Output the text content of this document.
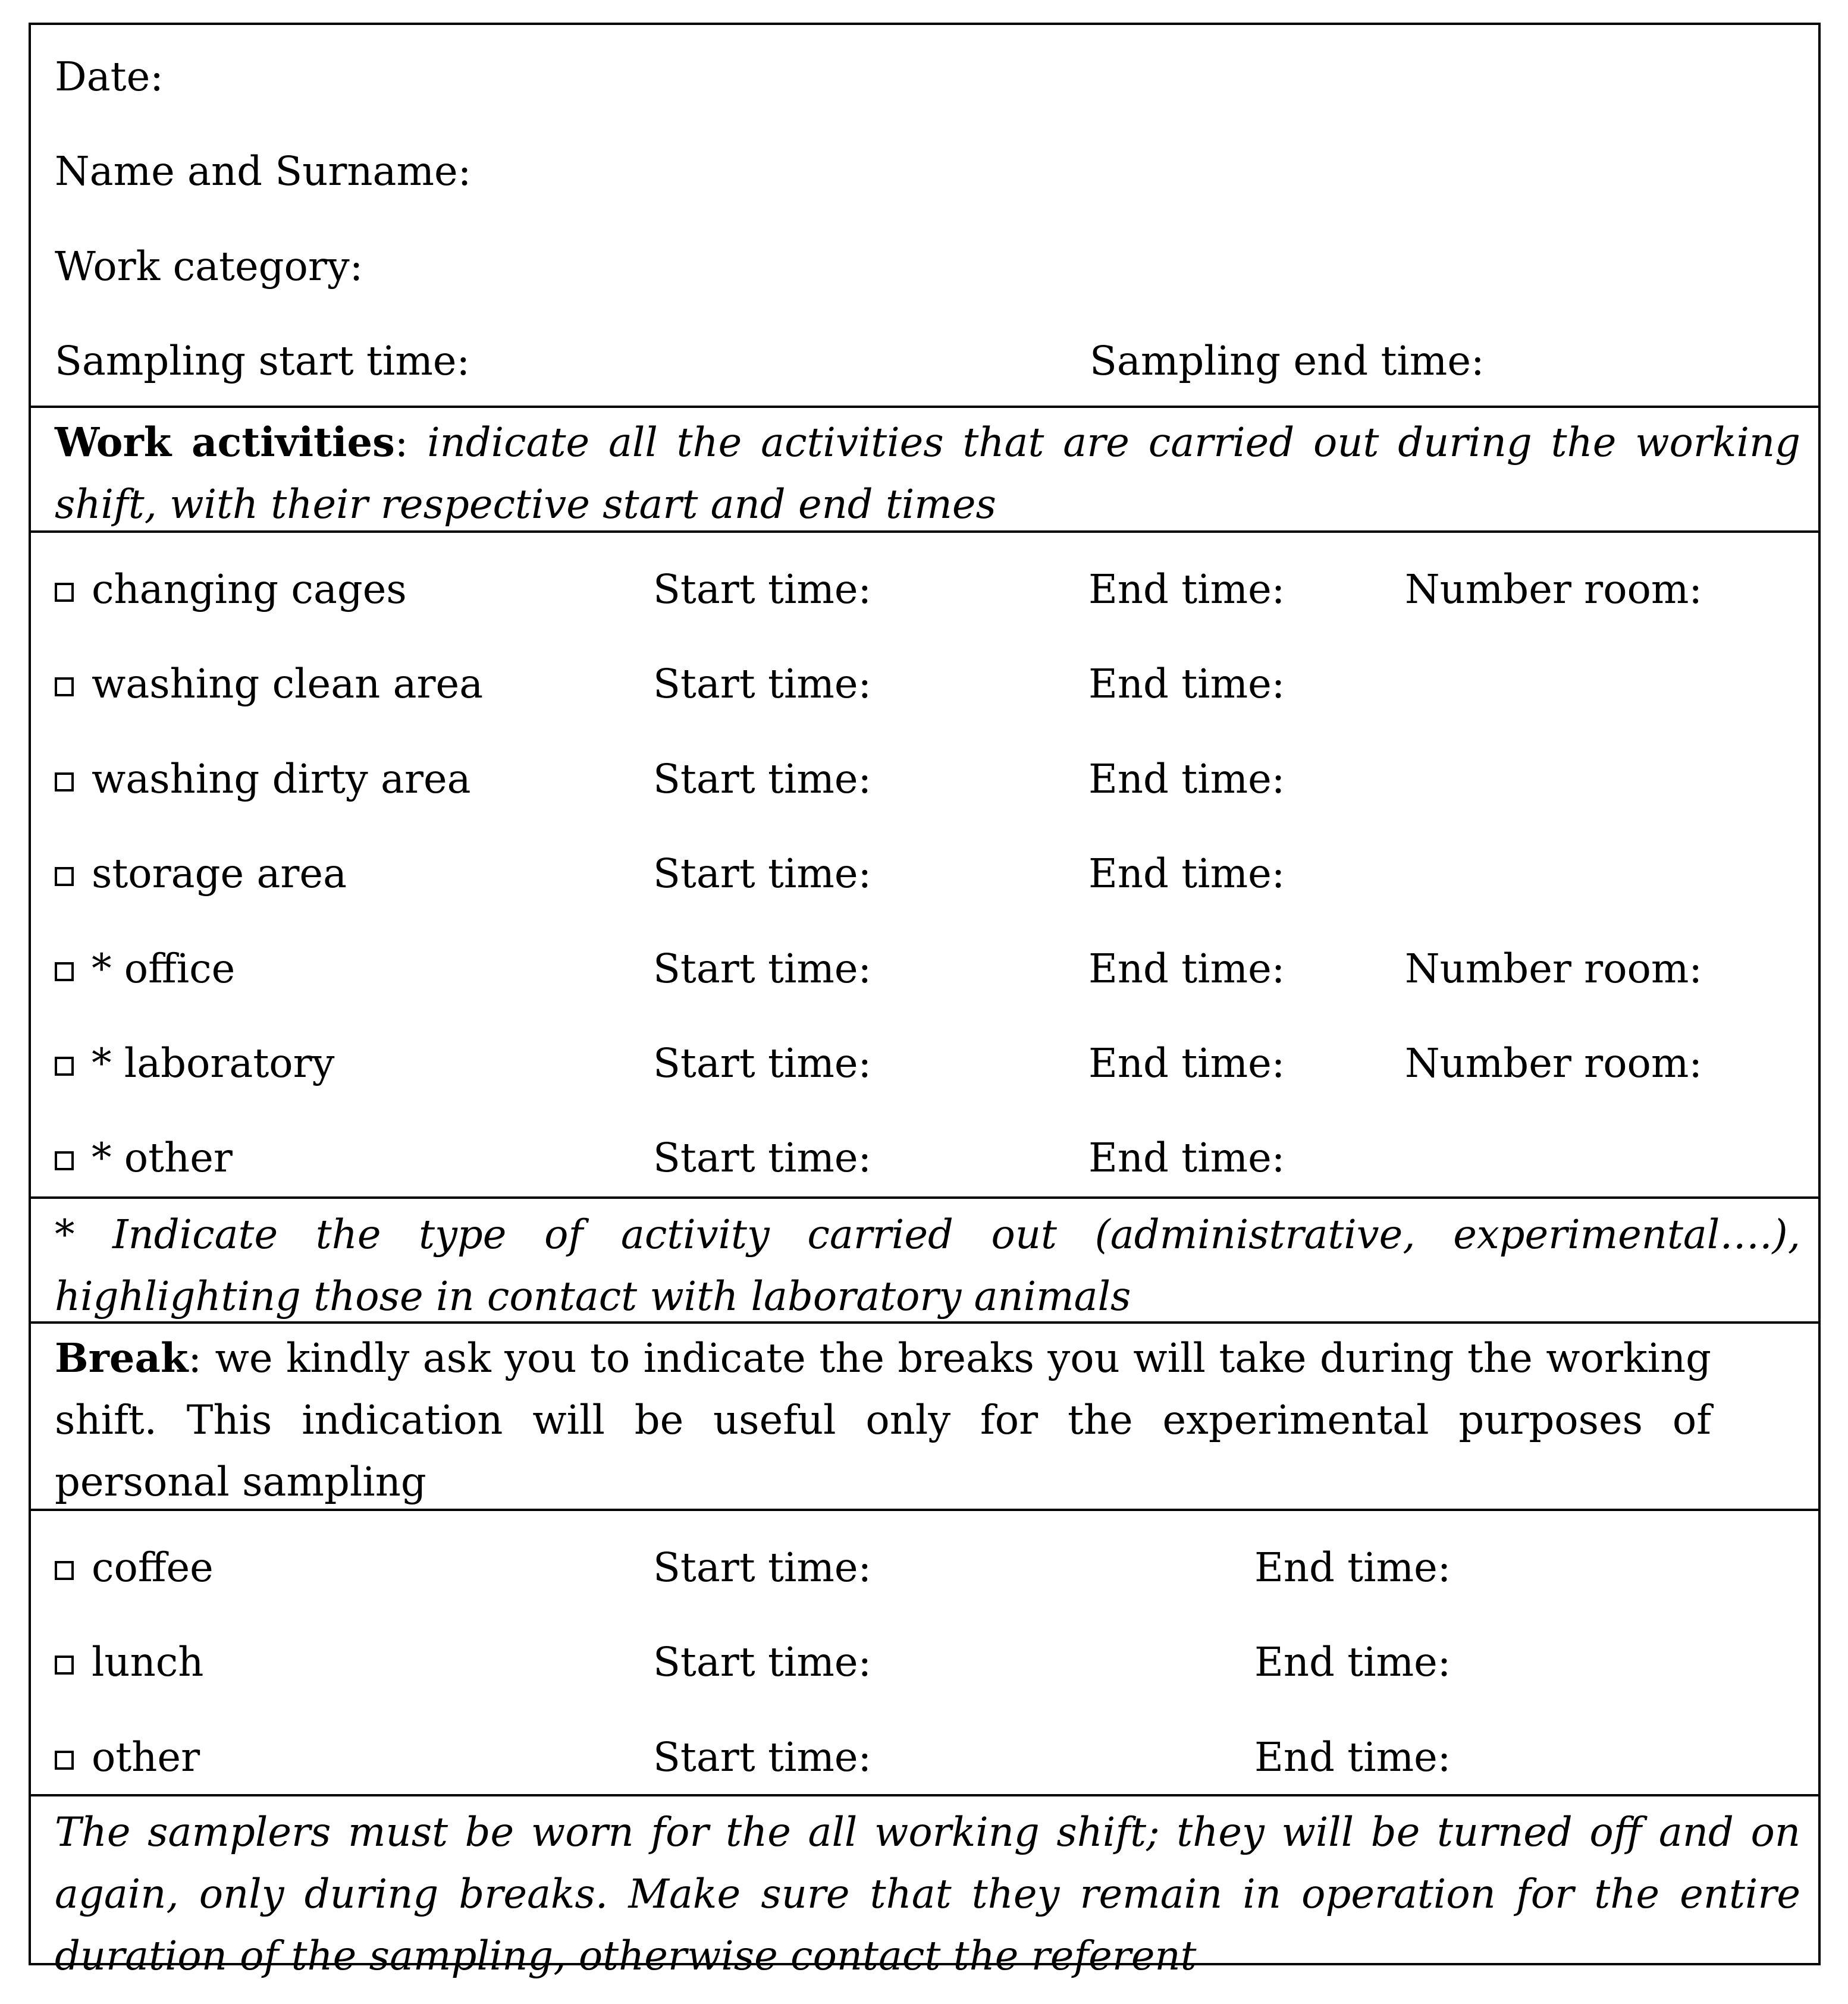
Date:
Name and Surname:
Work category:
Sampling start time:	Sampling end time:
Work activities: indicate all the activities that are carried out during the working shift, with their respective start and end times
changing cages	Start time:	End time:	Number room:
washing clean area	Start time:	End time:
washing dirty area	Start time:	End time:
storage area	Start time:	End time:
* office	Start time:	End time:	Number room:
* laboratory	Start time:	End time:	Number room:
* other	Start time:	End time:
* Indicate the type of activity carried out (administrative, experimental….), highlighting those in contact with laboratory animals
Break: we kindly ask you to indicate the breaks you will take during the working shift. This indication will be useful only for the experimental purposes of personal sampling
coffee	Start time:	End time:
lunch	Start time:	End time:
other	Start time:	End time:
The samplers must be worn for the all working shift; they will be turned off and on again, only during breaks. Make sure that they remain in operation for the entire duration of the sampling, otherwise contact the referent
